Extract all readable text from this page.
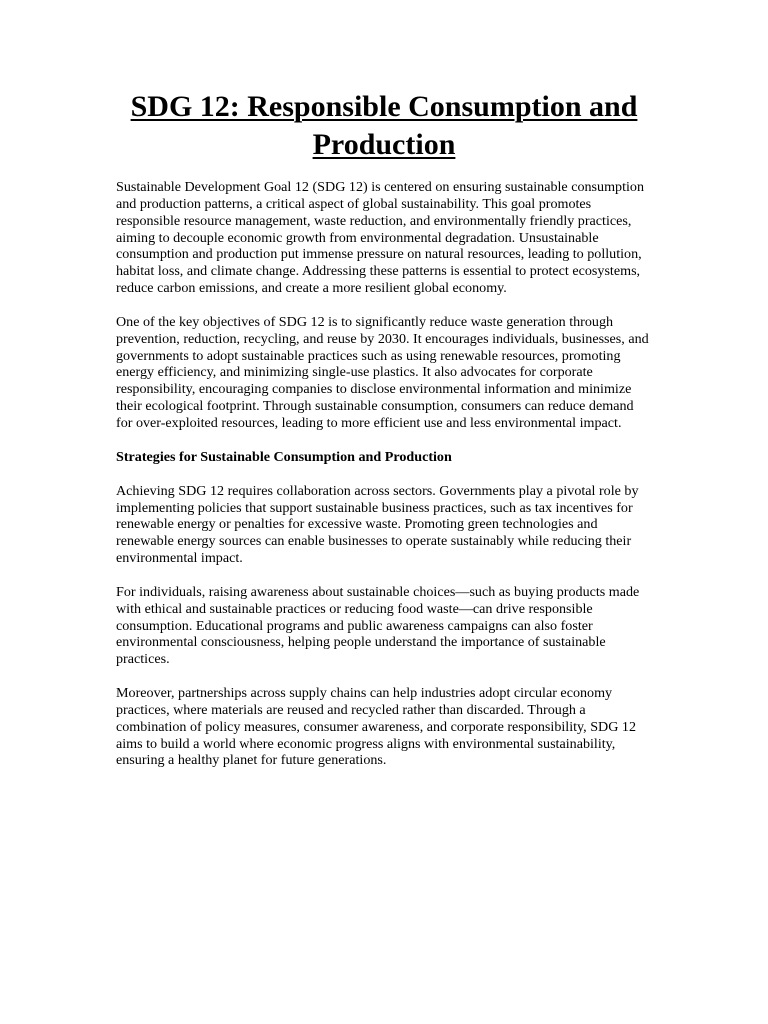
SDG 12: Responsible Consumption and Production

Sustainable Development Goal 12 (SDG 12) is centered on ensuring sustainable consumption and production patterns, a critical aspect of global sustainability. This goal promotes responsible resource management, waste reduction, and environmentally friendly practices, aiming to decouple economic growth from environmental degradation. Unsustainable consumption and production put immense pressure on natural resources, leading to pollution, habitat loss, and climate change. Addressing these patterns is essential to protect ecosystems, reduce carbon emissions, and create a more resilient global economy.

One of the key objectives of SDG 12 is to significantly reduce waste generation through prevention, reduction, recycling, and reuse by 2030. It encourages individuals, businesses, and governments to adopt sustainable practices such as using renewable resources, promoting energy efficiency, and minimizing single-use plastics. It also advocates for corporate responsibility, encouraging companies to disclose environmental information and minimize their ecological footprint. Through sustainable consumption, consumers can reduce demand for over-exploited resources, leading to more efficient use and less environmental impact.

Strategies for Sustainable Consumption and Production

Achieving SDG 12 requires collaboration across sectors. Governments play a pivotal role by implementing policies that support sustainable business practices, such as tax incentives for renewable energy or penalties for excessive waste. Promoting green technologies and renewable energy sources can enable businesses to operate sustainably while reducing their environmental impact.

For individuals, raising awareness about sustainable choices—such as buying products made with ethical and sustainable practices or reducing food waste—can drive responsible consumption. Educational programs and public awareness campaigns can also foster environmental consciousness, helping people understand the importance of sustainable practices.

Moreover, partnerships across supply chains can help industries adopt circular economy practices, where materials are reused and recycled rather than discarded. Through a combination of policy measures, consumer awareness, and corporate responsibility, SDG 12 aims to build a world where economic progress aligns with environmental sustainability, ensuring a healthy planet for future generations.
